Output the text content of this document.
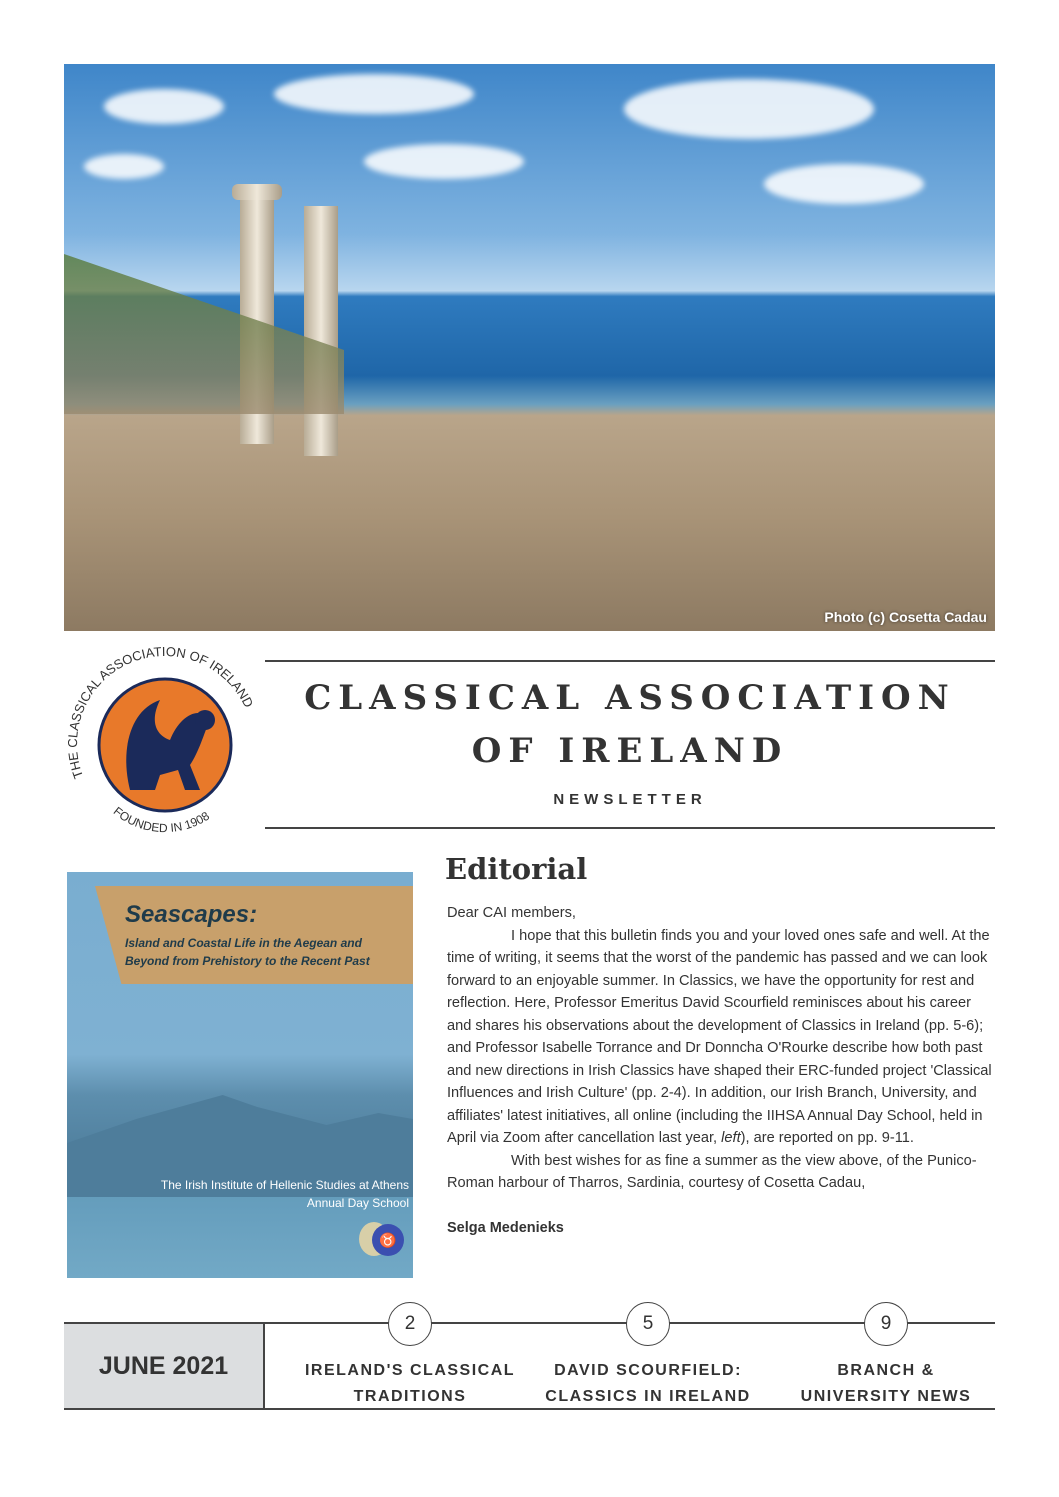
Photo (c) Cosetta Cadau
THE CLASSICAL ASSOCIATION OF IRELAND
FOUNDED IN 1908
CLASSICAL ASSOCIATION
OF IRELAND
NEWSLETTER
Seascapes:
Island and Coastal Life in the Aegean and
Beyond from Prehistory to the Recent Past
The Irish Institute of Hellenic Studies at Athens
Annual Day School
♉
Editorial

Dear CAI members,

I hope that this bulletin finds you and your loved ones safe and well. At the time of writing, it seems that the worst of the pandemic has passed and we can look forward to an enjoyable summer. In Classics, we have the opportunity for rest and reflection. Here, Professor Emeritus David Scourfield reminisces about his career and shares his observations about the development of Classics in Ireland (pp. 5-6); and Professor Isabelle Torrance and Dr Donncha O'Rourke describe how both past and new directions in Irish Classics have shaped their ERC-funded project 'Classical Influences and Irish Culture' (pp. 2-4). In addition, our Irish Branch, University, and affiliates' latest initiatives, all online (including the IIHSA Annual Day School, held in April via Zoom after cancellation last year, left), are reported on pp. 9-11.

With best wishes for as fine a summer as the view above, of the Punico-Roman harbour of Tharros, Sardinia, courtesy of Cosetta Cadau,

Selga Medenieks
JUNE 2021
2	5	9
IRELAND'S CLASSICAL
TRADITIONS
DAVID SCOURFIELD:
CLASSICS IN IRELAND
BRANCH &
UNIVERSITY NEWS
